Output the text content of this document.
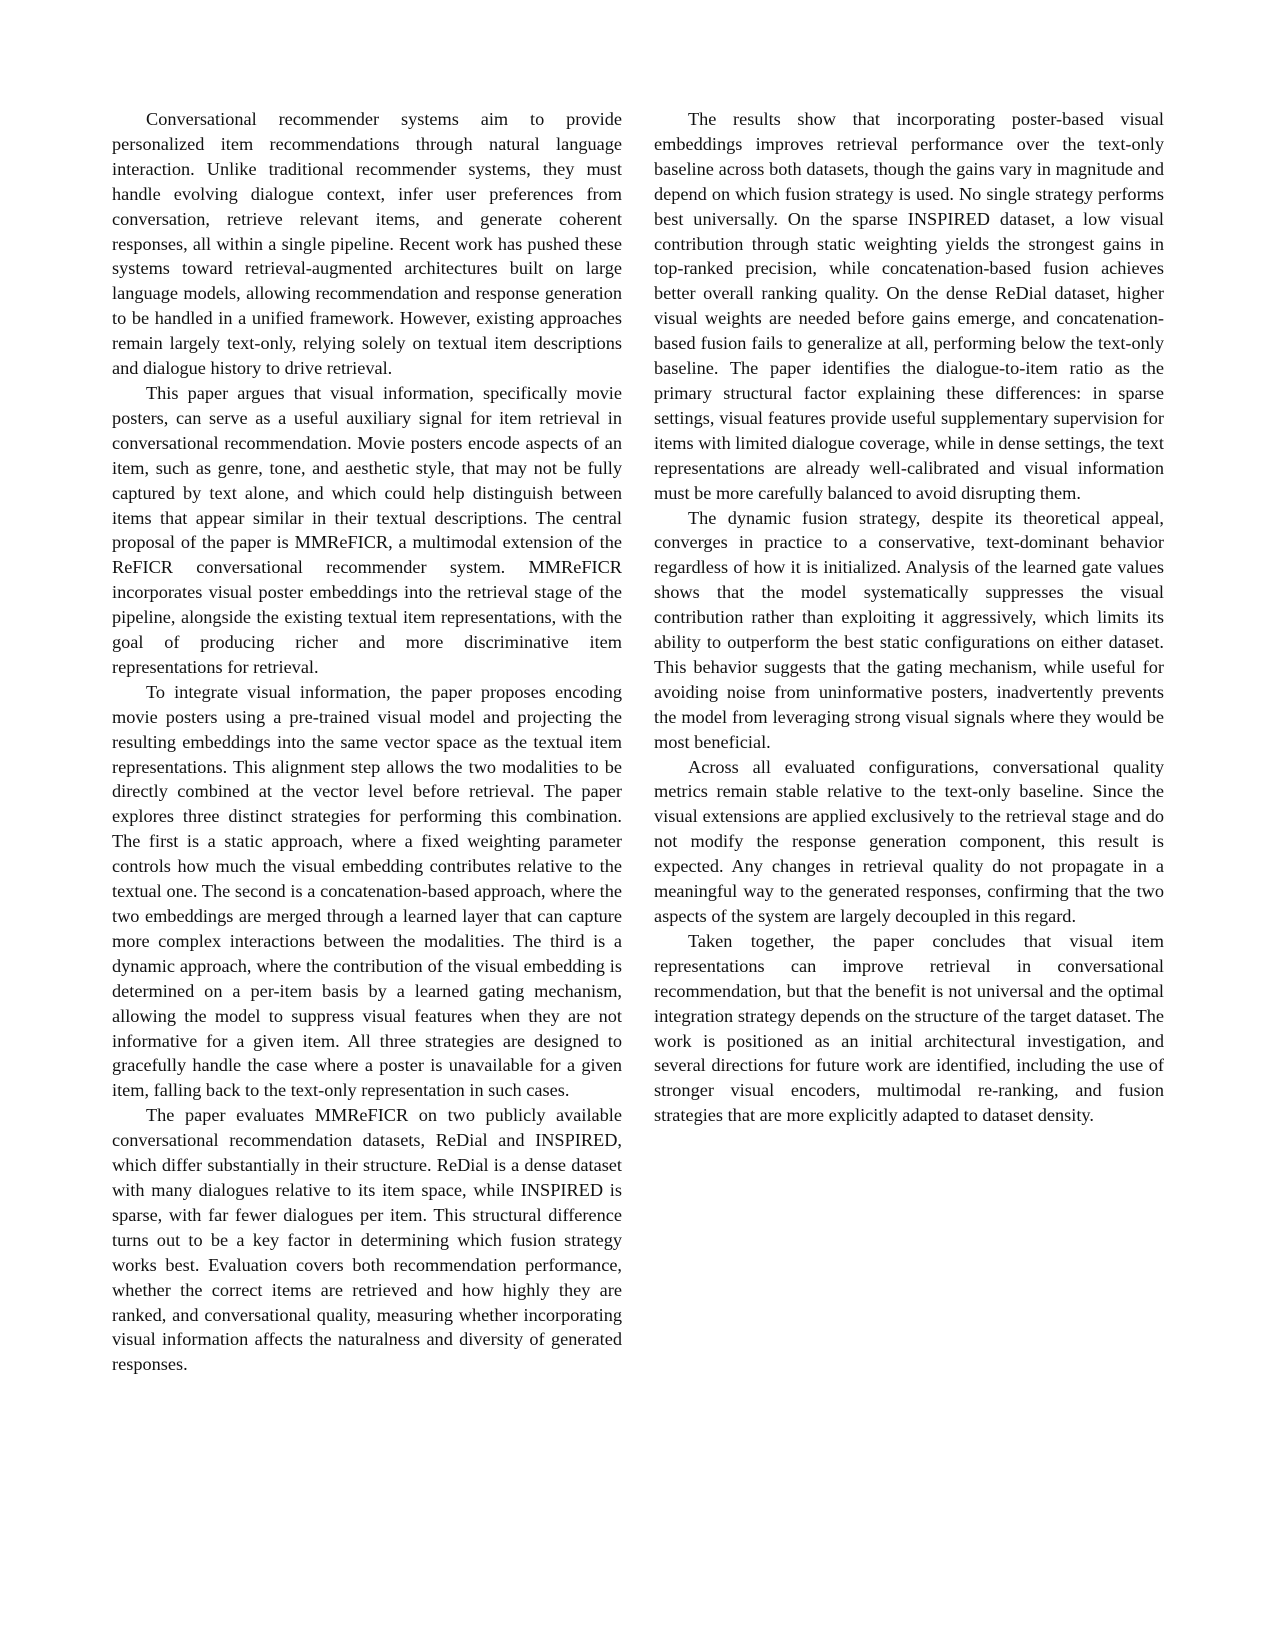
Conversational recommender systems aim to provide personalized item recommendations through natural language interaction. Unlike traditional recommender systems, they must handle evolving dialogue context, infer user preferences from conversation, retrieve relevant items, and generate coherent responses, all within a single pipeline. Recent work has pushed these systems toward retrieval-augmented architectures built on large language models, allowing recommendation and response generation to be handled in a unified framework. However, existing approaches remain largely text-only, relying solely on textual item descriptions and dialogue history to drive retrieval.

This paper argues that visual information, specifically movie posters, can serve as a useful auxiliary signal for item retrieval in conversational recommendation. Movie posters encode aspects of an item, such as genre, tone, and aesthetic style, that may not be fully captured by text alone, and which could help distinguish between items that appear similar in their textual descriptions. The central proposal of the paper is MMReFICR, a multimodal extension of the ReFICR conversational recommender system. MMReFICR incorporates visual poster embeddings into the retrieval stage of the pipeline, alongside the existing textual item representations, with the goal of producing richer and more discriminative item representations for retrieval.

To integrate visual information, the paper proposes encoding movie posters using a pre-trained visual model and projecting the resulting embeddings into the same vector space as the textual item representations. This alignment step allows the two modalities to be directly combined at the vector level before retrieval. The paper explores three distinct strategies for performing this combination. The first is a static approach, where a fixed weighting parameter controls how much the visual embedding contributes relative to the textual one. The second is a concatenation-based approach, where the two embeddings are merged through a learned layer that can capture more complex interactions between the modalities. The third is a dynamic approach, where the contribution of the visual embedding is determined on a per-item basis by a learned gating mechanism, allowing the model to suppress visual features when they are not informative for a given item. All three strategies are designed to gracefully handle the case where a poster is unavailable for a given item, falling back to the text-only representation in such cases.

The paper evaluates MMReFICR on two publicly available conversational recommendation datasets, ReDial and INSPIRED, which differ substantially in their structure. ReDial is a dense dataset with many dialogues relative to its item space, while INSPIRED is sparse, with far fewer dialogues per item. This structural difference turns out to be a key factor in determining which fusion strategy works best. Evaluation covers both recommendation performance, whether the correct items are retrieved and how highly they are ranked, and conversational quality, measuring whether incorporating visual information affects the naturalness and diversity of generated responses.

The results show that incorporating poster-based visual embeddings improves retrieval performance over the text-only baseline across both datasets, though the gains vary in magnitude and depend on which fusion strategy is used. No single strategy performs best universally. On the sparse INSPIRED dataset, a low visual contribution through static weighting yields the strongest gains in top-ranked precision, while concatenation-based fusion achieves better overall ranking quality. On the dense ReDial dataset, higher visual weights are needed before gains emerge, and concatenation-based fusion fails to generalize at all, performing below the text-only baseline. The paper identifies the dialogue-to-item ratio as the primary structural factor explaining these differences: in sparse settings, visual features provide useful supplementary supervision for items with limited dialogue coverage, while in dense settings, the text representations are already well-calibrated and visual information must be more carefully balanced to avoid disrupting them.

The dynamic fusion strategy, despite its theoretical appeal, converges in practice to a conservative, text-dominant behavior regardless of how it is initialized. Analysis of the learned gate values shows that the model systematically suppresses the visual contribution rather than exploiting it aggressively, which limits its ability to outperform the best static configurations on either dataset. This behavior suggests that the gating mechanism, while useful for avoiding noise from uninformative posters, inadvertently prevents the model from leveraging strong visual signals where they would be most beneficial.

Across all evaluated configurations, conversational quality metrics remain stable relative to the text-only baseline. Since the visual extensions are applied exclusively to the retrieval stage and do not modify the response generation component, this result is expected. Any changes in retrieval quality do not propagate in a meaningful way to the generated responses, confirming that the two aspects of the system are largely decoupled in this regard.

Taken together, the paper concludes that visual item representations can improve retrieval in conversational recommendation, but that the benefit is not universal and the optimal integration strategy depends on the structure of the target dataset. The work is positioned as an initial architectural investigation, and several directions for future work are identified, including the use of stronger visual encoders, multimodal re-ranking, and fusion strategies that are more explicitly adapted to dataset density.
